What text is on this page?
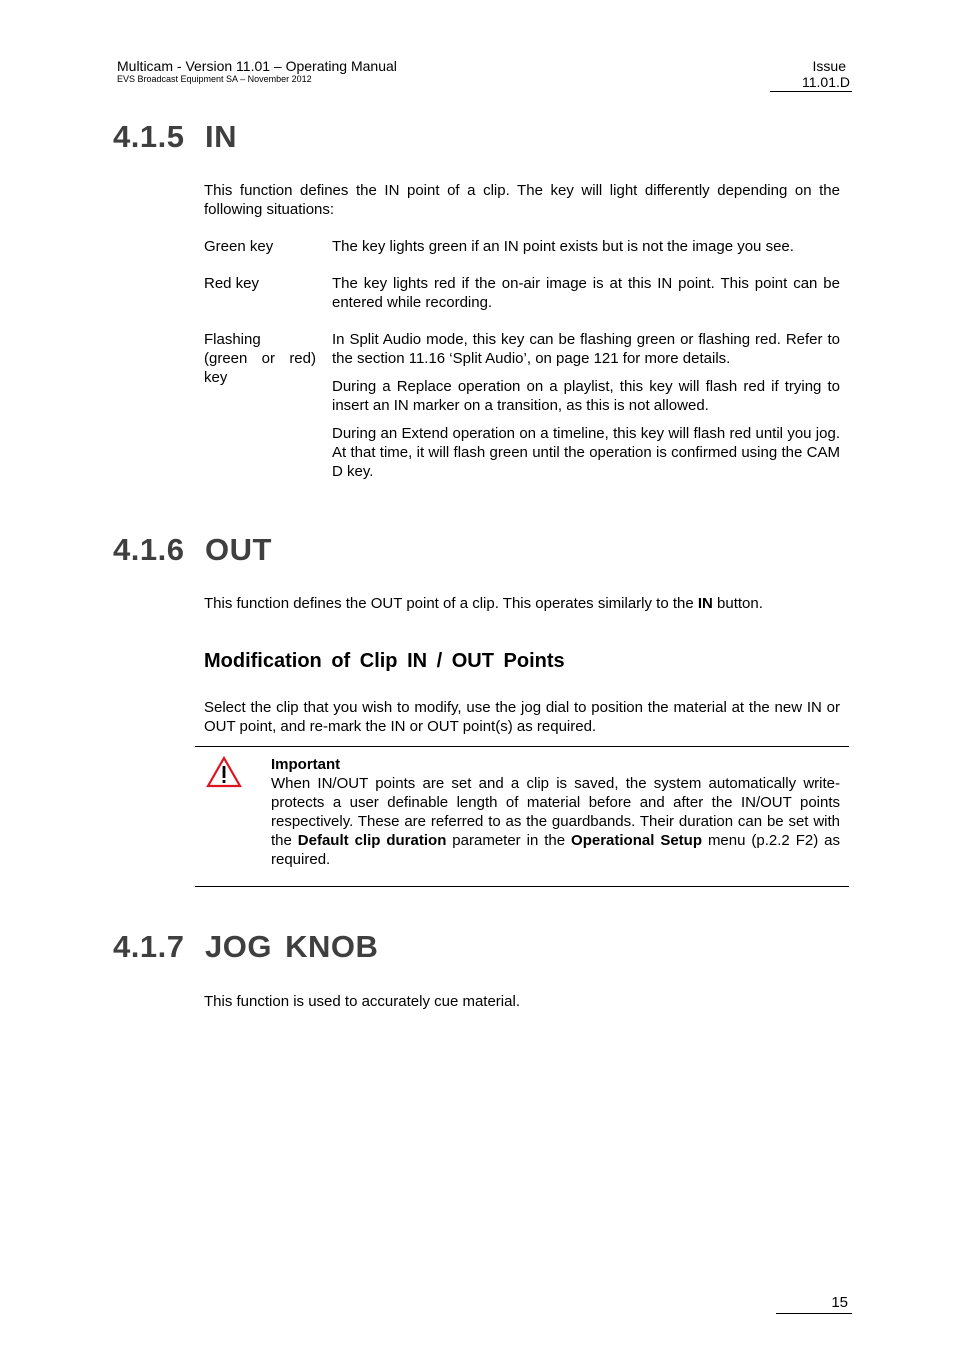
Multicam - Version 11.01 – Operating Manual
EVS Broadcast Equipment SA – November 2012
Issue
11.01.D
4.1.5 IN

This function defines the IN point of a clip. The key will light differently depending on the following situations:

Green key	The key lights green if an IN point exists but is not the image you see.
Red key	The key lights red if the on-air image is at this IN point. This point can be entered while recording.
Flashing
(green or red)
key

In Split Audio mode, this key can be flashing green or flashing red. Refer to the section 11.16 ‘Split Audio’, on page 121 for more details.

During a Replace operation on a playlist, this key will flash red if trying to insert an IN marker on a transition, as this is not allowed.

During an Extend operation on a timeline, this key will flash red until you jog. At that time, it will flash green until the operation is confirmed using the CAM D key.

4.1.6 OUT

This function defines the OUT point of a clip. This operates similarly to the IN button.

Modification of Clip IN / OUT Points

Select the clip that you wish to modify, use the jog dial to position the material at the new IN or OUT point, and re-mark the IN or OUT point(s) as required.

Important
When IN/OUT points are set and a clip is saved, the system automatically write-protects a user definable length of material before and after the IN/OUT points respectively. These are referred to as the guardbands. Their duration can be set with the Default clip duration parameter in the Operational Setup menu (p.2.2 F2) as required.
4.1.7 JOG KNOB

This function is used to accurately cue material.

15
